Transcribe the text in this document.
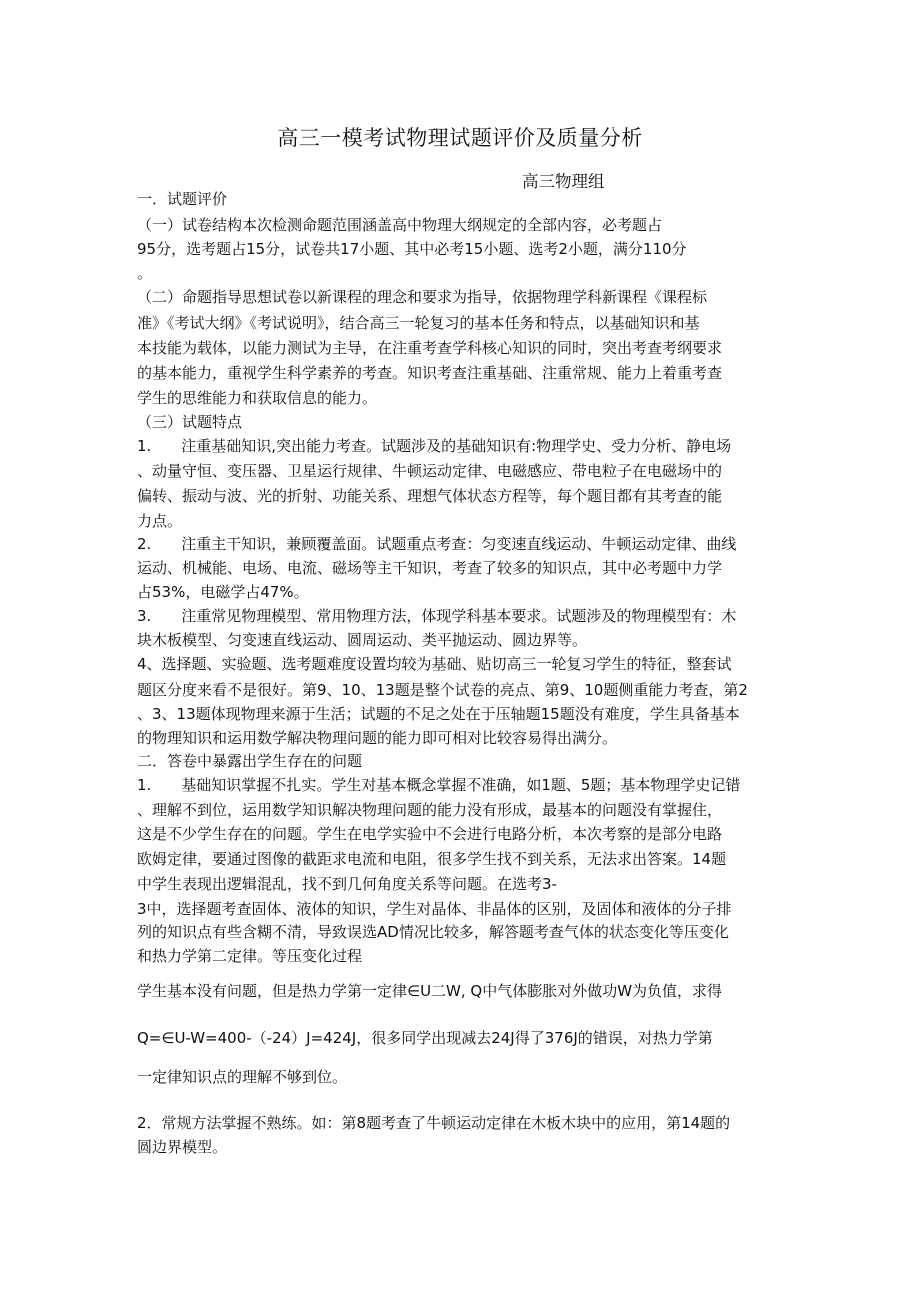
高三一模考试物理试题评价及质量分析
高三物理组
一．试题评价
（一）试卷结构本次检测命题范围涵盖高中物理大纲规定的全部内容，必考题占
95分，选考题占15分，试卷共17小题、其中必考15小题、选考2小题，满分110分
。
（二）命题指导思想试卷以新课程的理念和要求为指导，依据物理学科新课程《课程标
准》《考试大纲》《考试说明》，结合高三一轮复习的基本任务和特点，以基础知识和基
本技能为载体，以能力测试为主导，在注重考查学科核心知识的同时，突出考查考纲要求
的基本能力，重视学生科学素养的考查。知识考查注重基础、注重常规、能力上着重考查
学生的思维能力和获取信息的能力。
（三）试题特点
1.　　注重基础知识,突出能力考查。试题涉及的基础知识有:物理学史、受力分析、静电场
、动量守恒、变压器、卫星运行规律、牛顿运动定律、电磁感应、带电粒子在电磁场中的
偏转、振动与波、光的折射、功能关系、理想气体状态方程等，每个题目都有其考查的能
力点。
2.　　注重主干知识，兼顾覆盖面。试题重点考查：匀变速直线运动、牛顿运动定律、曲线
运动、机械能、电场、电流、磁场等主干知识，考查了较多的知识点，其中必考题中力学
占53%，电磁学占47%。
3.　　注重常见物理模型、常用物理方法，体现学科基本要求。试题涉及的物理模型有：木
块木板模型、匀变速直线运动、圆周运动、类平抛运动、圆边界等。
4、选择题、实验题、选考题难度设置均较为基础、贴切高三一轮复习学生的特征，整套试
题区分度来看不是很好。第9、10、13题是整个试卷的亮点、第9、10题侧重能力考查，第2
、3、13题体现物理来源于生活；试题的不足之处在于压轴题15题没有难度，学生具备基本
的物理知识和运用数学解决物理问题的能力即可相对比较容易得出满分。
二．答卷中暴露出学生存在的问题
1.　　基础知识掌握不扎实。学生对基本概念掌握不准确，如1题、5题；基本物理学史记错
、理解不到位，运用数学知识解决物理问题的能力没有形成，最基本的问题没有掌握住，
这是不少学生存在的问题。学生在电学实验中不会进行电路分析，本次考察的是部分电路
欧姆定律，要通过图像的截距求电流和电阻，很多学生找不到关系，无法求出答案。14题
中学生表现出逻辑混乱，找不到几何角度关系等问题。在选考3-
3中，选择题考查固体、液体的知识，学生对晶体、非晶体的区别，及固体和液体的分子排
列的知识点有些含糊不清，导致误选AD情况比较多，解答题考查气体的状态变化等压变化
和热力学第二定律。等压变化过程
学生基本没有问题，但是热力学第一定律∈U二W, Q中气体膨胀对外做功W为负值，求得
Q=∈U-W=400-（-24）J=424J，很多同学出现减去24J得了376J的错误，对热力学第
一定律知识点的理解不够到位。
2．常规方法掌握不熟练。如：第8题考查了牛顿运动定律在木板木块中的应用，第14题的
圆边界模型。
